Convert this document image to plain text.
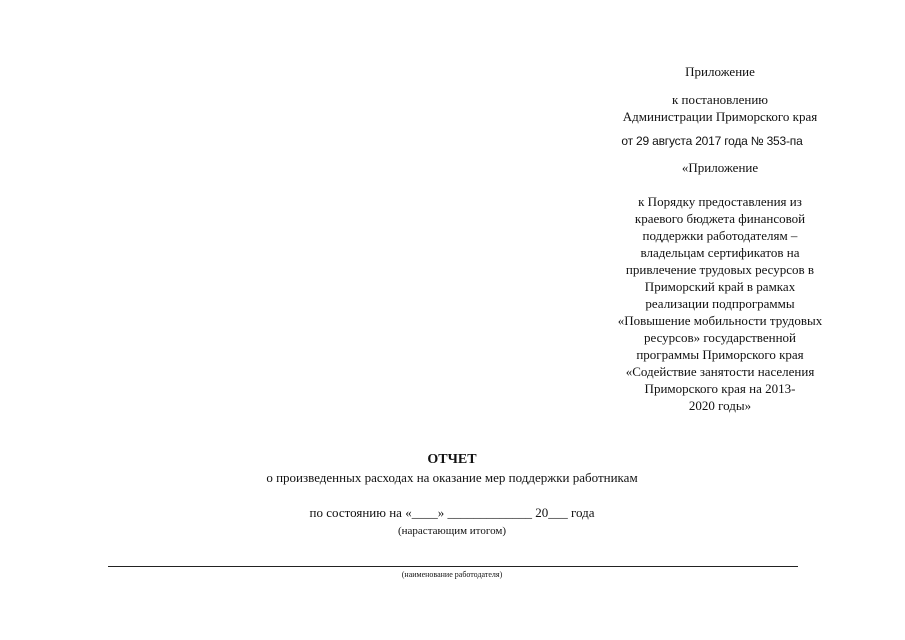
Приложение
к постановлению
Администрации Приморского края
от 29 августа 2017 года № 353-па
«Приложение
к Порядку предоставления из
краевого бюджета финансовой
поддержки работодателям –
владельцам сертификатов на
привлечение трудовых ресурсов в
Приморский край в рамках
реализации подпрограммы
«Повышение мобильности трудовых
ресурсов» государственной
программы Приморского края
«Содействие занятости населения
Приморского края на 2013-
2020 годы»
ОТЧЕТ
о произведенных расходах на оказание мер поддержки работникам
по состоянию на «____» _____________ 20___ года
(нарастающим итогом)
(наименование работодателя)
